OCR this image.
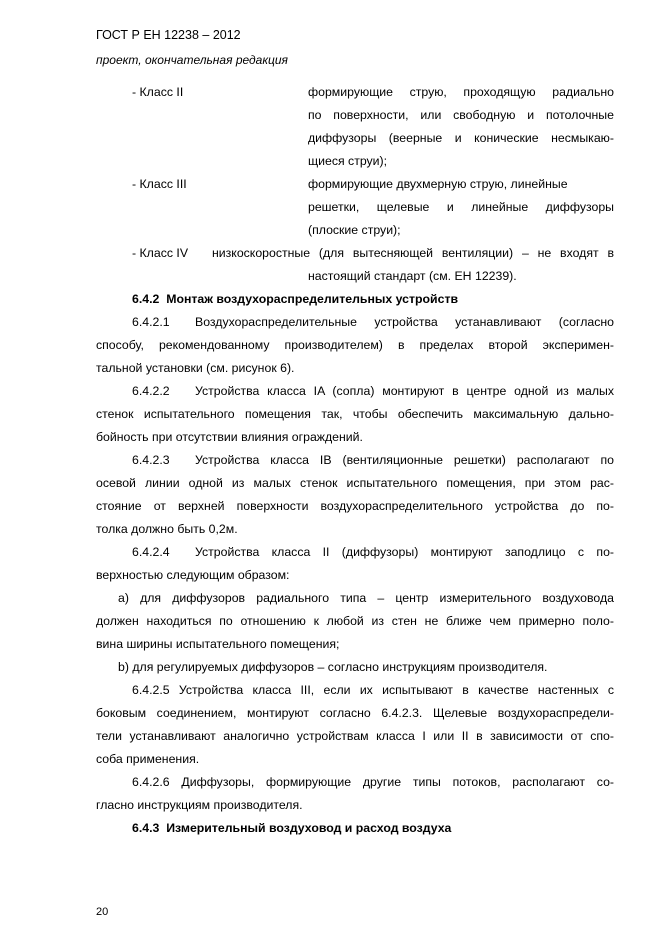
ГОСТ Р ЕН 12238 – 2012
проект, окончательная редакция
- Класс II	формирующие струю, проходящую радиально
по поверхности, или свободную и потолочные
диффузоры (веерные и конические несмыкаю-
щиеся струи);
- Класс III	формирующие двухмерную струю, линейные
решетки, щелевые и линейные диффузоры
(плоские струи);
- Класс IV низкоскоростные (для вытесняющей вентиляции) – не входят в
настоящий стандарт (см. ЕН 12239).
6.4.2 Монтаж воздухораспределительных устройств
6.4.2.1 Воздухораспределительные устройства устанавливают (согласно
способу, рекомендованному производителем) в пределах второй эксперимен-
тальной установки (см. рисунок 6).
6.4.2.2 Устройства класса IA (сопла) монтируют в центре одной из малых
стенок испытательного помещения так, чтобы обеспечить максимальную дально-
бойность при отсутствии влияния ограждений.
6.4.2.3 Устройства класса IB (вентиляционные решетки) располагают по
осевой линии одной из малых стенок испытательного помещения, при этом рас-
стояние от верхней поверхности воздухораспределительного устройства до по-
толка должно быть 0,2м.
6.4.2.4 Устройства класса II (диффузоры) монтируют заподлицо с по-
верхностью следующим образом:
а) для диффузоров радиального типа – центр измерительного воздуховода
должен находиться по отношению к любой из стен не ближе чем примерно поло-
вина ширины испытательного помещения;
b) для регулируемых диффузоров – согласно инструкциям производителя.
6.4.2.5 Устройства класса III, если их испытывают в качестве настенных с
боковым соединением, монтируют согласно 6.4.2.3. Щелевые воздухораспредели-
тели устанавливают аналогично устройствам класса I или II в зависимости от спо-
соба применения.
6.4.2.6 Диффузоры, формирующие другие типы потоков, располагают со-
гласно инструкциям производителя.
6.4.3 Измерительный воздуховод и расход воздуха
20
